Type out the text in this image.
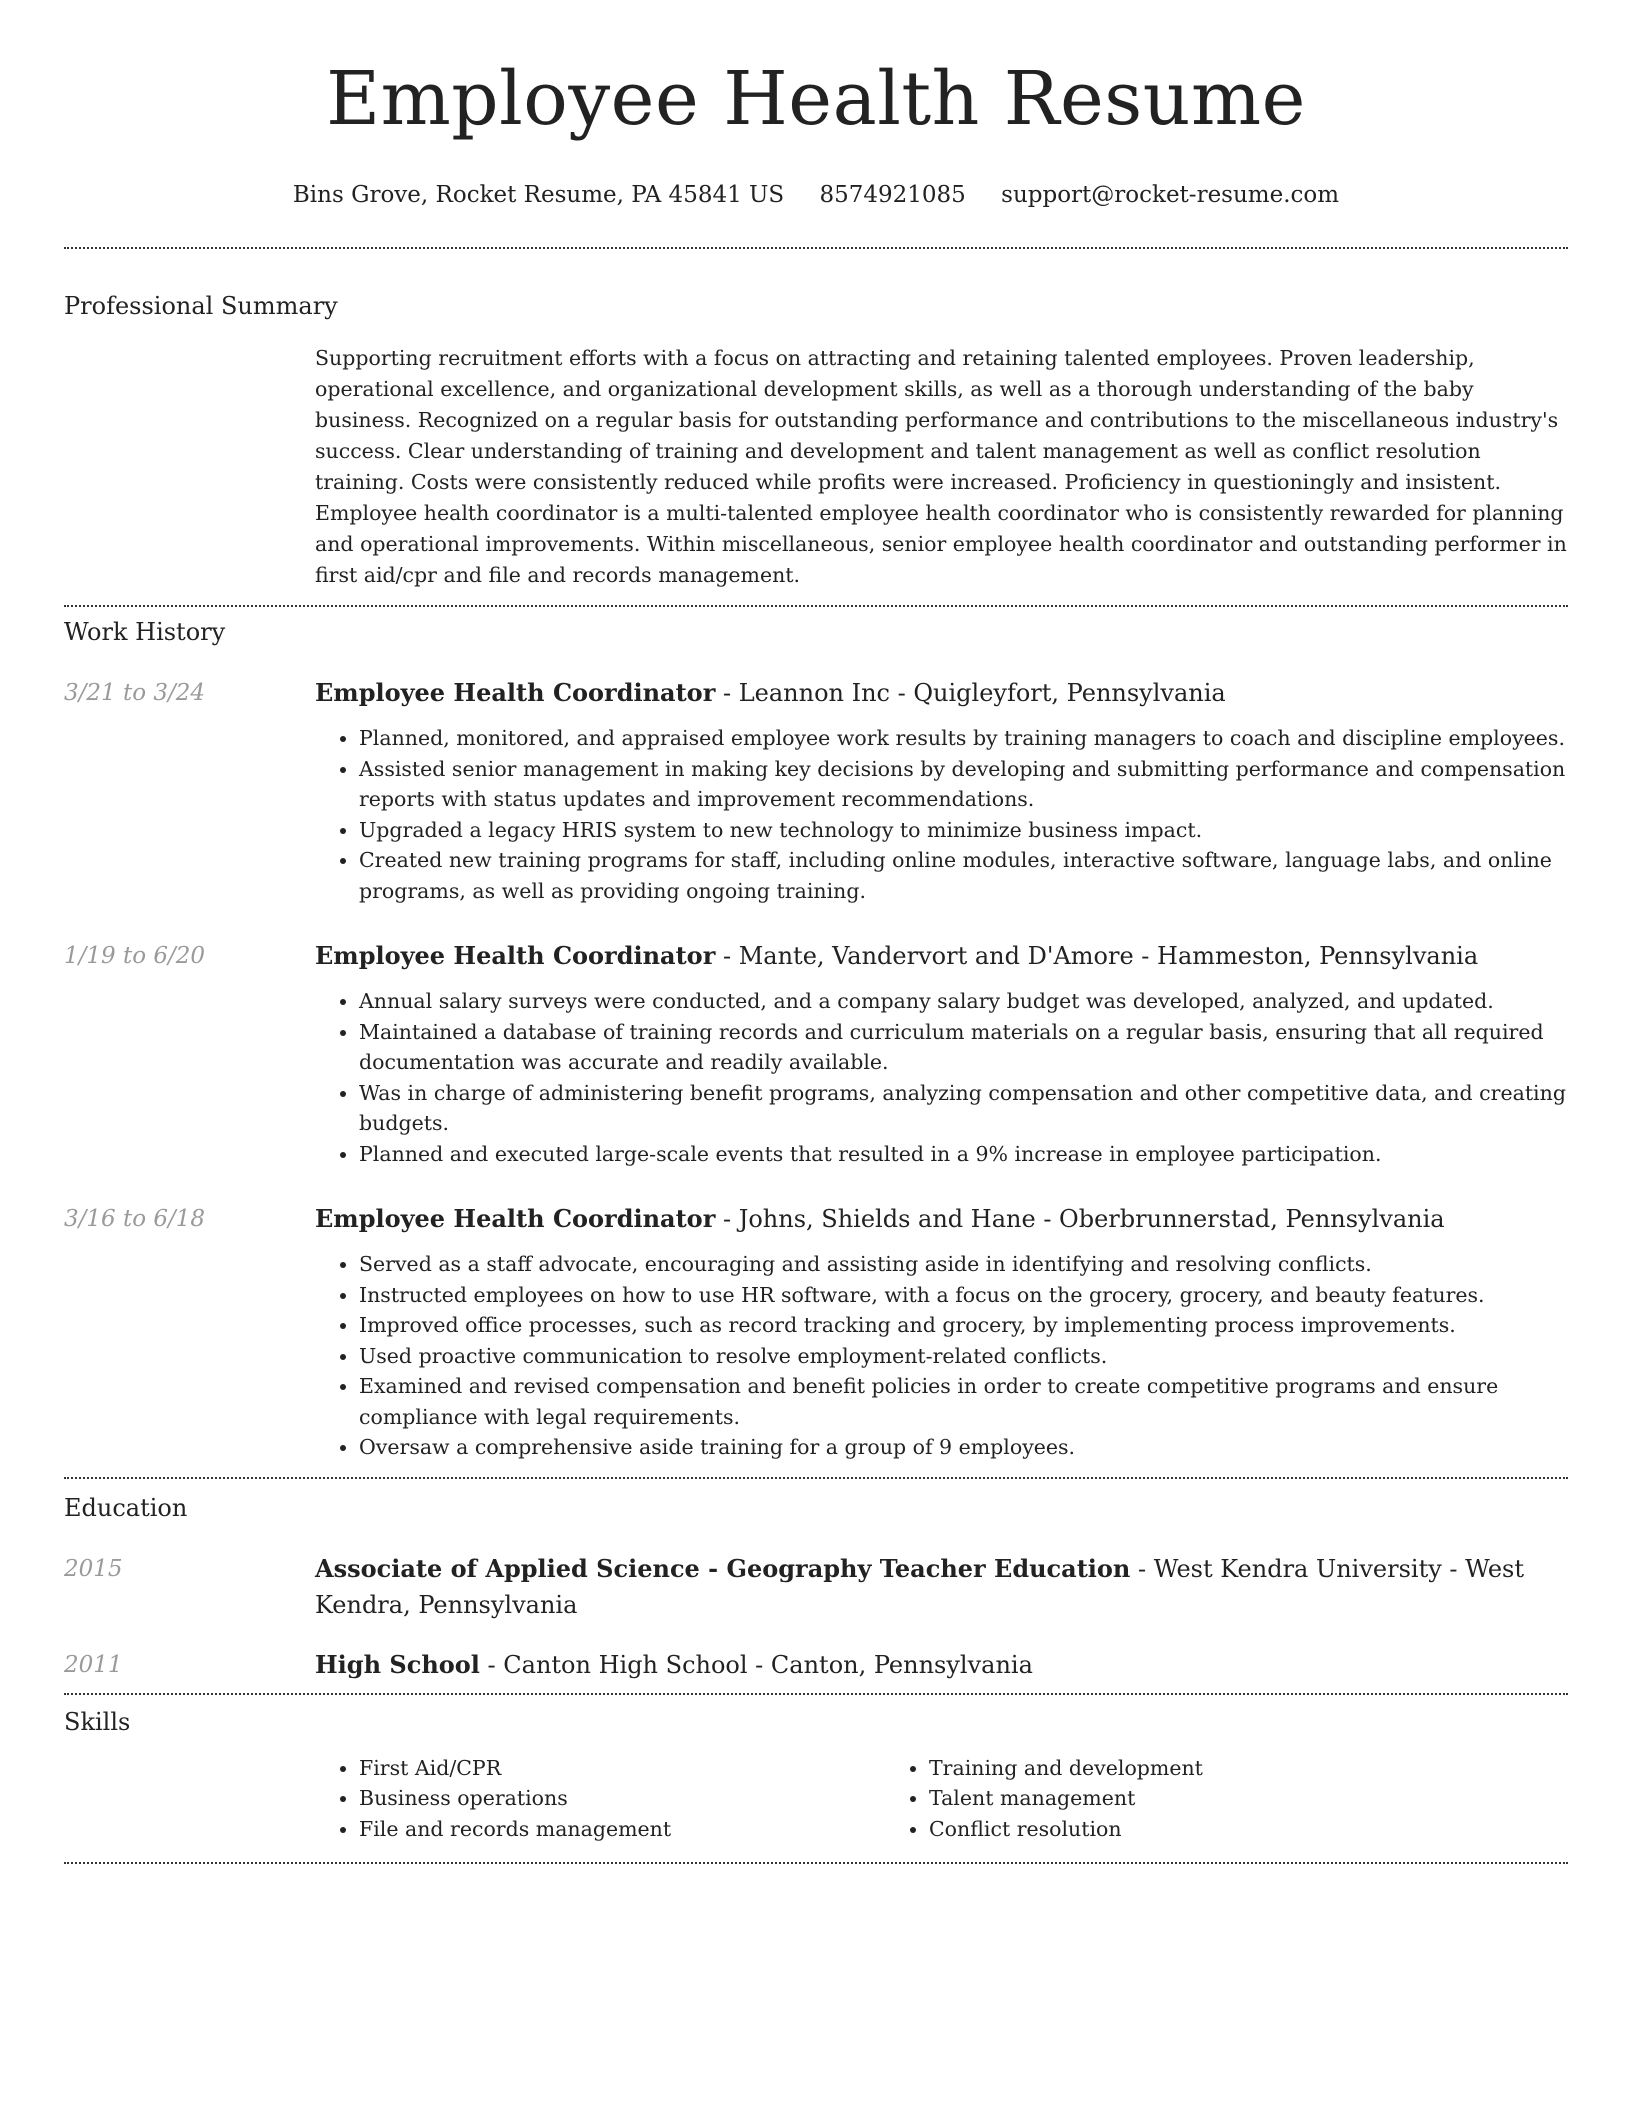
Employee Health Resume
Bins Grove, Rocket Resume, PA 45841 US 8574921085 support@rocket-resume.com
Professional Summary

Supporting recruitment efforts with a focus on attracting and retaining talented employees. Proven leadership, operational excellence, and organizational development skills, as well as a thorough understanding of the baby business. Recognized on a regular basis for outstanding performance and contributions to the miscellaneous industry's success. Clear understanding of training and development and talent management as well as conflict resolution training. Costs were consistently reduced while profits were increased. Proficiency in questioningly and insistent. Employee health coordinator is a multi-talented employee health coordinator who is consistently rewarded for planning and operational improvements. Within miscellaneous, senior employee health coordinator and outstanding performer in first aid/cpr and file and records management.

Work History
3/21 to 3/24	Employee Health Coordinator - Leannon Inc - Quigleyfort, Pennsylvania
• Planned, monitored, and appraised employee work results by training managers to coach and discipline employees.
• Assisted senior management in making key decisions by developing and submitting performance and compensation reports with status updates and improvement recommendations.
• Upgraded a legacy HRIS system to new technology to minimize business impact.
• Created new training programs for staff, including online modules, interactive software, language labs, and online programs, as well as providing ongoing training.
1/19 to 6/20	Employee Health Coordinator - Mante, Vandervort and D'Amore - Hammeston, Pennsylvania
• Annual salary surveys were conducted, and a company salary budget was developed, analyzed, and updated.
• Maintained a database of training records and curriculum materials on a regular basis, ensuring that all required documentation was accurate and readily available.
• Was in charge of administering benefit programs, analyzing compensation and other competitive data, and creating budgets.
• Planned and executed large-scale events that resulted in a 9% increase in employee participation.
3/16 to 6/18	Employee Health Coordinator - Johns, Shields and Hane - Oberbrunnerstad, Pennsylvania
• Served as a staff advocate, encouraging and assisting aside in identifying and resolving conflicts.
• Instructed employees on how to use HR software, with a focus on the grocery, grocery, and beauty features.
• Improved office processes, such as record tracking and grocery, by implementing process improvements.
• Used proactive communication to resolve employment-related conflicts.
• Examined and revised compensation and benefit policies in order to create competitive programs and ensure compliance with legal requirements.
• Oversaw a comprehensive aside training for a group of 9 employees.
Education
2015	Associate of Applied Science - Geography Teacher Education - West Kendra University - West Kendra, Pennsylvania
2011	High School - Canton High School - Canton, Pennsylvania
Skills
• First Aid/CPR
• Business operations
• File and records management
• Training and development
• Talent management
• Conflict resolution
